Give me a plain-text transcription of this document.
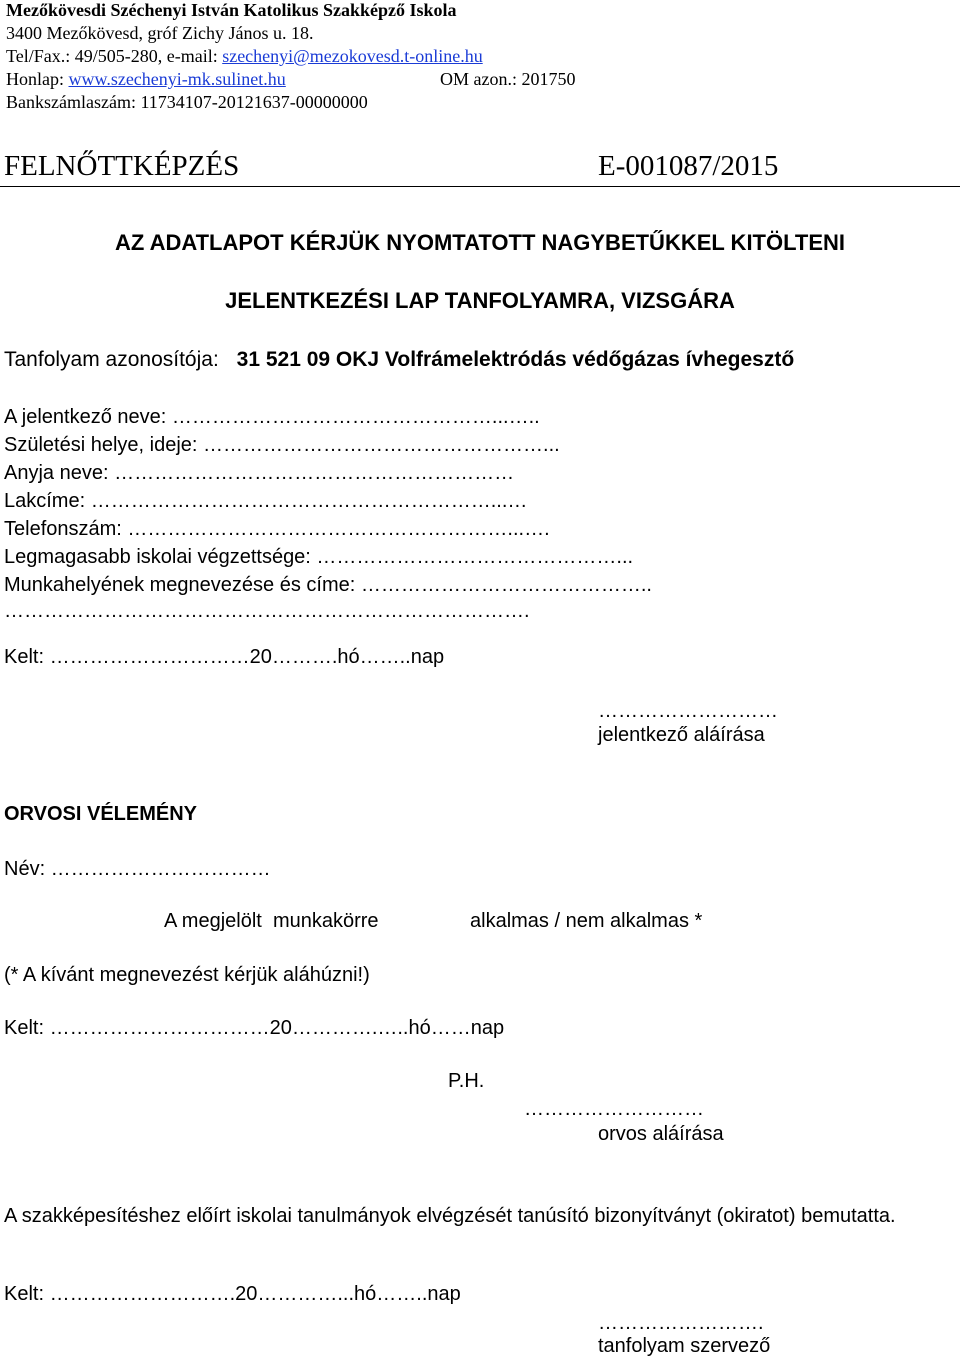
Mezőkövesdi Széchenyi István Katolikus Szakképző Iskola
3400 Mezőkövesd, gróf Zichy János u. 18.
Tel/Fax.: 49/505-280, e-mail: szechenyi@mezokovesd.t-online.hu
Honlap: www.szechenyi-mk.sulinet.hu	OM azon.: 201750
Bankszámlaszám: 11734107-20121637-00000000
FELNŐTTKÉPZÉS	E-001087/2015
AZ ADATLAPOT KÉRJÜK NYOMTATOTT NAGYBETŰKKEL KITÖLTENI
JELENTKEZÉSI LAP TANFOLYAMRA, VIZSGÁRA
Tanfolyam azonosítója: 31 521 09 OKJ Volfrámelektródás védőgázas ívhegesztő
A jelentkező neve: …………………………………………...…..
Születési helye, ideje: ……………………………………………...
Anyja neve: ……………………………………………………
Lakcíme: ……………………………………………………...…
Telefonszám: …………………………………………………...….
Legmagasabb iskolai végzettsége: ………………………………………...
Munkahelyének megnevezése és címe: ……………………………………..
…………………………………………………………………….
Kelt: …………………………20……….hó……..nap
………………………
jelentkező aláírása
ORVOSI VÉLEMÉNY
Név: ……………………………
A megjelölt  munkakörre	alkalmas / nem alkalmas *
(* A kívánt megnevezést kérjük aláhúzni!)
Kelt: ……………………………20………….…..hó……nap
P.H.
………………………
orvos aláírása
A szakképesítéshez előírt iskolai tanulmányok elvégzését tanúsító bizonyítványt (okiratot) bemutatta.
Kelt: ……………………….20…………...hó……..nap
…………………….
tanfolyam szervező
